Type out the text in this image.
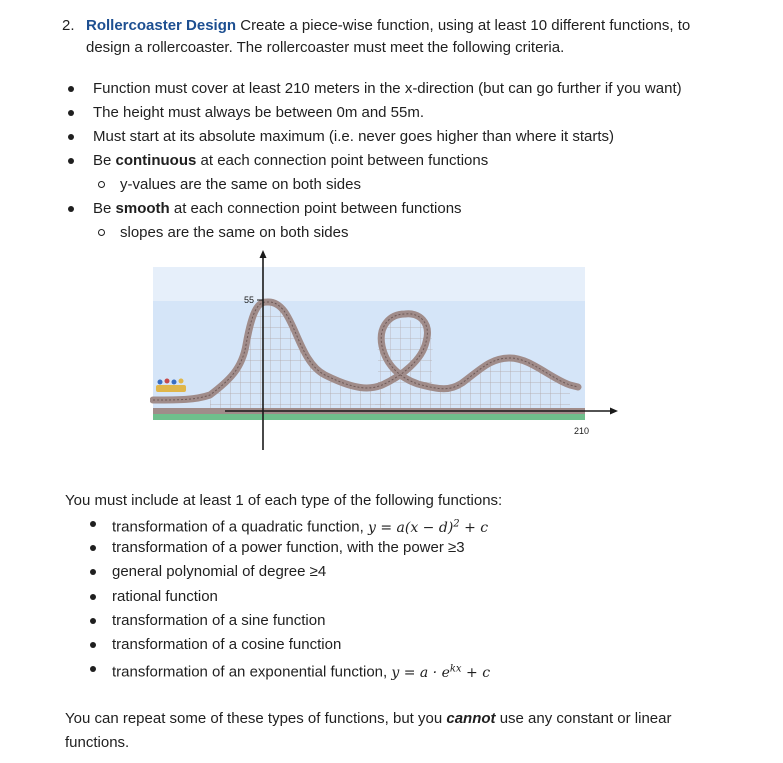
2. Rollercoaster Design Create a piece-wise function, using at least 10 different functions, to
design a rollercoaster. The rollercoaster must meet the following criteria.
Function must cover at least 210 meters in the x-direction (but can go further if you want)
The height must always be between 0m and 55m.
Must start at its absolute maximum (i.e. never goes higher than where it starts)
Be continuous at each connection point between functions
y-values are the same on both sides
Be smooth at each connection point between functions
slopes are the same on both sides
55
210
You must include at least 1 of each type of the following functions:
transformation of a quadratic function, $y = a(x - d)^2 + c$
transformation of a power function, with the power ≥3
general polynomial of degree ≥4
rational function
transformation of a sine function
transformation of a cosine function
transformation of an exponential function, $y = a \cdot e^{kx} + c$
You can repeat some of these types of functions, but you cannot use any constant or linear
functions.
